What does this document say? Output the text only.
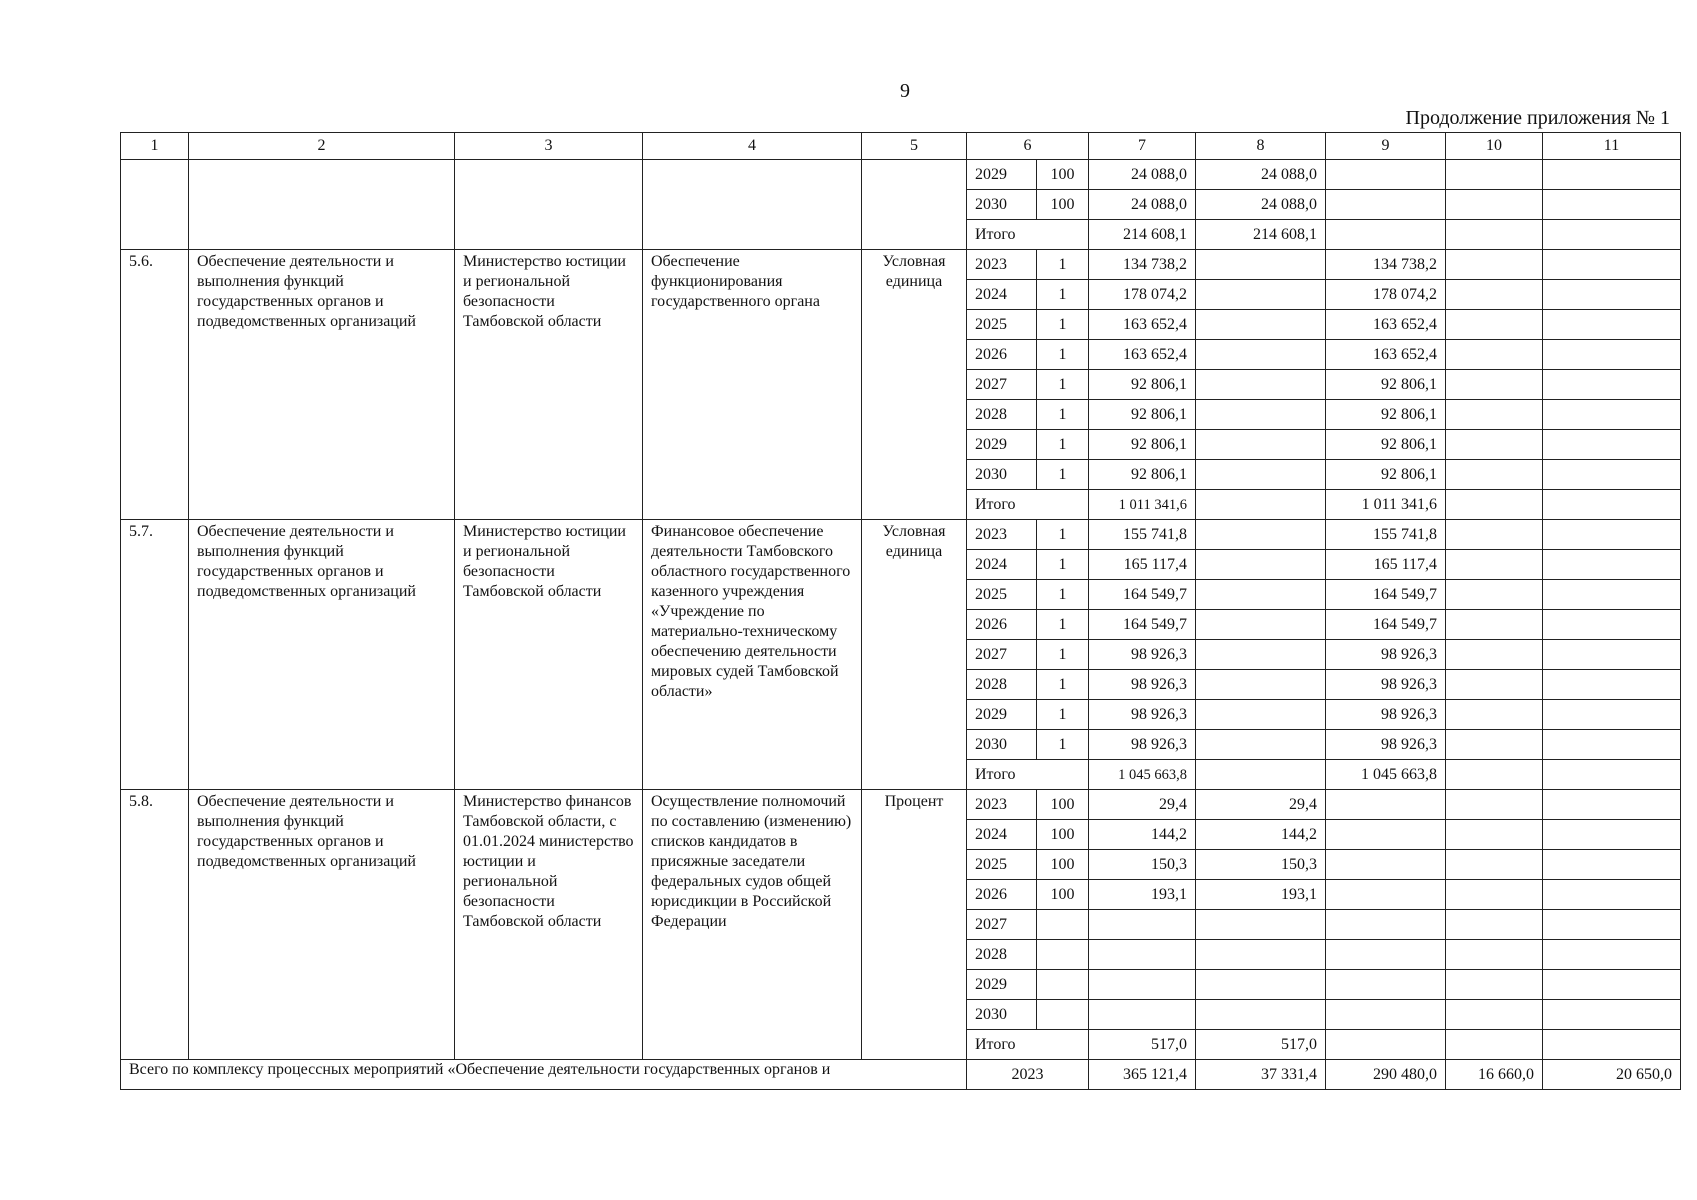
9
Продолжение приложения № 1
1	2	3	4	5	6		7	8	9	10	11
					2029	100	24 088,0	24 088,0			
					2030	100	24 088,0	24 088,0			
					Итого		214 608,1	214 608,1			
5.6.	Обеспечение деятельности и выполнения функций государственных органов и подведомственных организаций	Министерство юстиции и региональной безопасности Тамбовской области	Обеспечение функционирования государственного органа	Условная единица	2023	1	134 738,2		134 738,2		
					2024	1	178 074,2		178 074,2		
					2025	1	163 652,4		163 652,4		
					2026	1	163 652,4		163 652,4		
					2027	1	92 806,1		92 806,1		
					2028	1	92 806,1		92 806,1		
					2029	1	92 806,1		92 806,1		
					2030	1	92 806,1		92 806,1		
					Итого		1 011 341,6		1 011 341,6		
5.7.	Обеспечение деятельности и выполнения функций государственных органов и подведомственных организаций	Министерство юстиции и региональной безопасности Тамбовской области	Финансовое обеспечение деятельности Тамбовского областного государственного казенного учреждения «Учреждение по материально-техническому обеспечению деятельности мировых судей Тамбовской области»	Условная единица	2023	1	155 741,8		155 741,8		
					2024	1	165 117,4		165 117,4		
					2025	1	164 549,7		164 549,7		
					2026	1	164 549,7		164 549,7		
					2027	1	98 926,3		98 926,3		
					2028	1	98 926,3		98 926,3		
					2029	1	98 926,3		98 926,3		
					2030	1	98 926,3		98 926,3		
					Итого		1 045 663,8		1 045 663,8		
5.8.	Обеспечение деятельности и выполнения функций государственных органов и подведомственных организаций	Министерство финансов Тамбовской области, с 01.01.2024 министерство юстиции и региональной безопасности Тамбовской области	Осуществление полномочий по составлению (изменению) списков кандидатов в присяжные заседатели федеральных судов общей юрисдикции в Российской Федерации	Процент	2023	100	29,4	29,4			
					2024	100	144,2	144,2			
					2025	100	150,3	150,3			
					2026	100	193,1	193,1			
					2027						
					2028						
					2029						
					2030						
					Итого		517,0	517,0			
Всего по комплексу процессных мероприятий «Обеспечение деятельности государственных органов и					2023		365 121,4	37 331,4	290 480,0	16 660,0	20 650,0
